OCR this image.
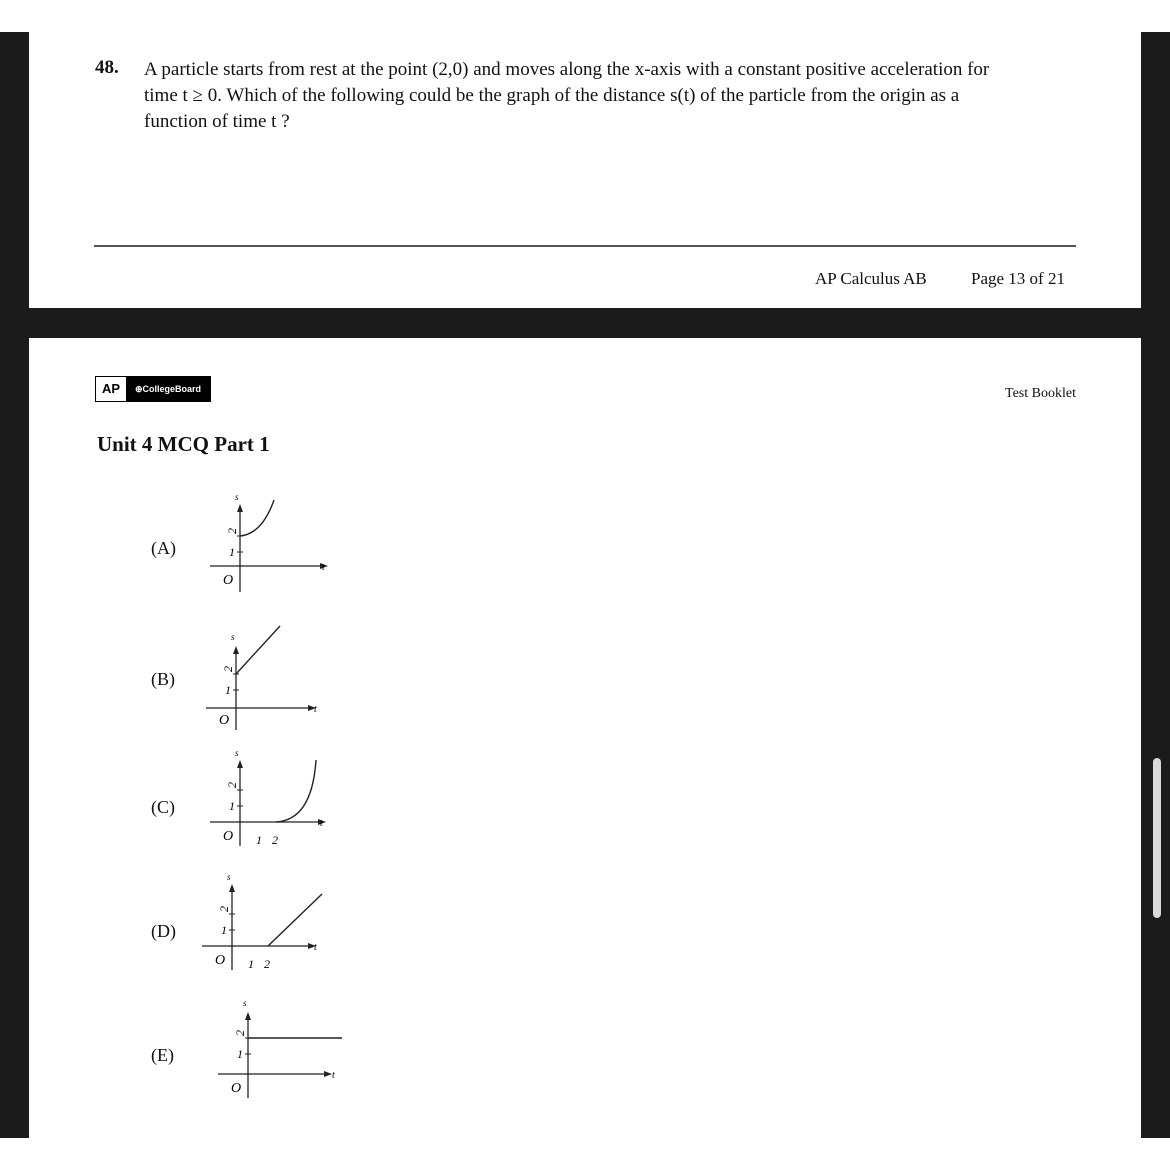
48. A particle starts from rest at the point (2,0) and moves along the x-axis with a constant positive acceleration for
time t ≥ 0. Which of the following could be the graph of the distance s(t) of the particle from the origin as a
function of time t ?
AP Calculus AB	Page 13 of 21
AP	⊕CollegeBoard	Test Booklet
Unit 4 MCQ Part 1
(A)
s
t
2
1
O
(B)
s
t
2
1
O
(C)
s
t
2
1
O 1 2
(D)
s
t
2
1
O 1 2
(E)
s
t
2
1
O
